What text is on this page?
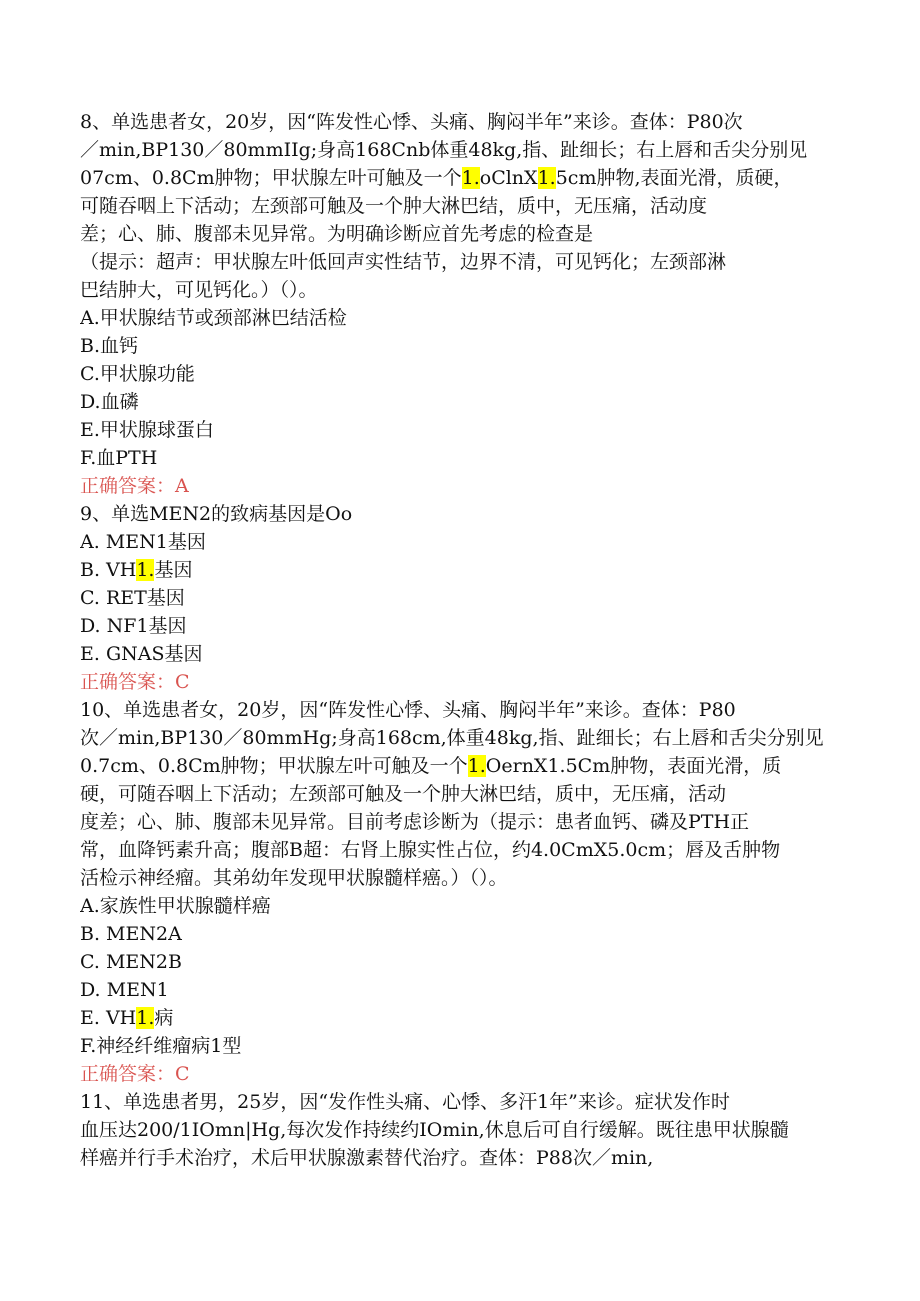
8、单选患者女，20岁，因“阵发性心悸、头痛、胸闷半年”来诊。查体：P80次
／min,BP130／80mmIIg;身高168Cnb体重48kg,指、趾细长；右上唇和舌尖分别见
07cm、0.8Cm肿物；甲状腺左叶可触及一个1.oClnX1.5cm肿物,表面光滑，质硬，
可随吞咽上下活动；左颈部可触及一个肿大淋巴结，质中，无压痛，活动度
差；心、肺、腹部未见异常。为明确诊断应首先考虑的检查是
（提示：超声：甲状腺左叶低回声实性结节，边界不清，可见钙化；左颈部淋
巴结肿大，可见钙化。）（）。
A.甲状腺结节或颈部淋巴结活检
B.血钙
C.甲状腺功能
D.血磷
E.甲状腺球蛋白
F.血PTH
正确答案：A
9、单选MEN2的致病基因是Oo
A. MEN1基因
B. VH1.基因
C. RET基因
D. NF1基因
E. GNAS基因
正确答案：C
10、单选患者女，20岁，因“阵发性心悸、头痛、胸闷半年”来诊。查体：P80
次／min,BP130／80mmHg;身高168cm,体重48kg,指、趾细长；右上唇和舌尖分别见
0.7cm、0.8Cm肿物；甲状腺左叶可触及一个1.OernX1.5Cm肿物，表面光滑，质
硬，可随吞咽上下活动；左颈部可触及一个肿大淋巴结，质中，无压痛，活动
度差；心、肺、腹部未见异常。目前考虑诊断为（提示：患者血钙、磷及PTH正
常，血降钙素升高；腹部B超：右肾上腺实性占位，约4.0CmX5.0cm；唇及舌肿物
活检示神经瘤。其弟幼年发现甲状腺髓样癌。）（）。
A.家族性甲状腺髓样癌
B. MEN2A
C. MEN2B
D. MEN1
E. VH1.病
F.神经纤维瘤病1型
正确答案：C
11、单选患者男，25岁，因“发作性头痛、心悸、多汗1年”来诊。症状发作时
血压达200/1IOmn|Hg,每次发作持续约IOmin,休息后可自行缓解。既往患甲状腺髓
样癌并行手术治疗，术后甲状腺激素替代治疗。查体：P88次／min,
